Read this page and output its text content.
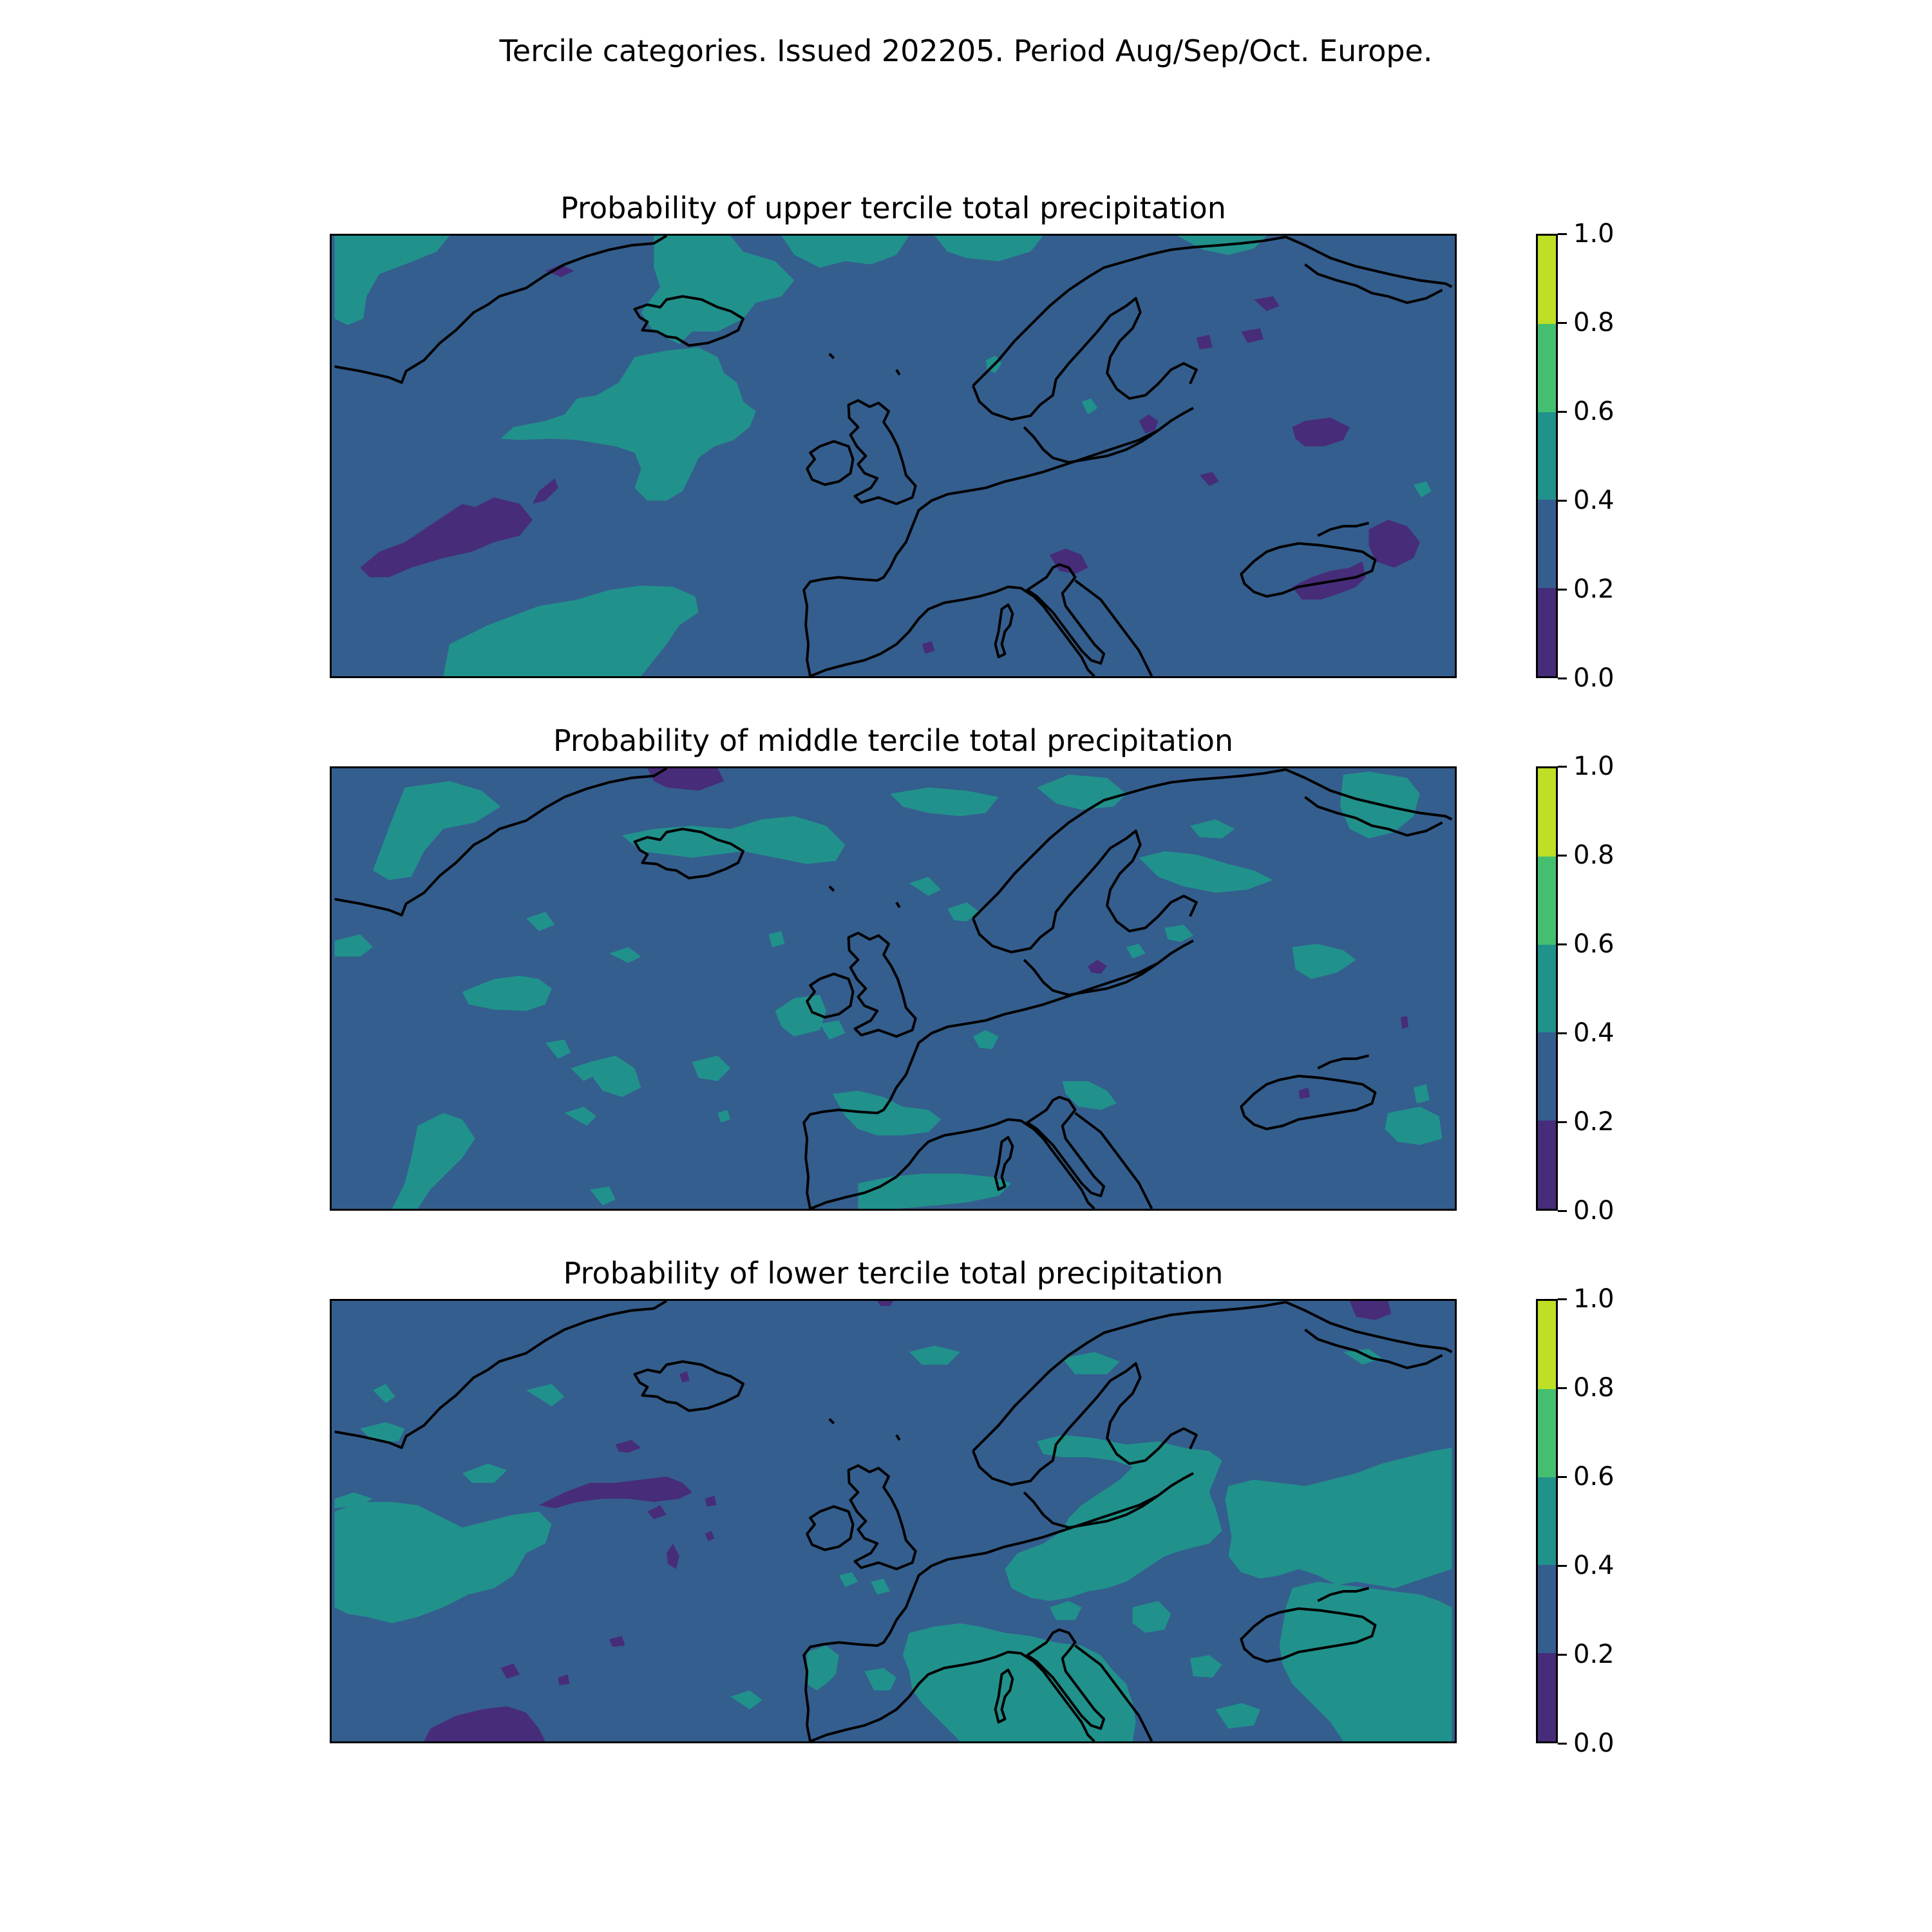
Tercile categories. Issued 202205. Period Aug/Sep/Oct. Europe.
Probability of upper tercile total precipitation
0.0
0.2
0.4
0.6
0.8
1.0
Probability of middle tercile total precipitation
0.0
0.2
0.4
0.6
0.8
1.0
Probability of lower tercile total precipitation
0.0
0.2
0.4
0.6
0.8
1.0
